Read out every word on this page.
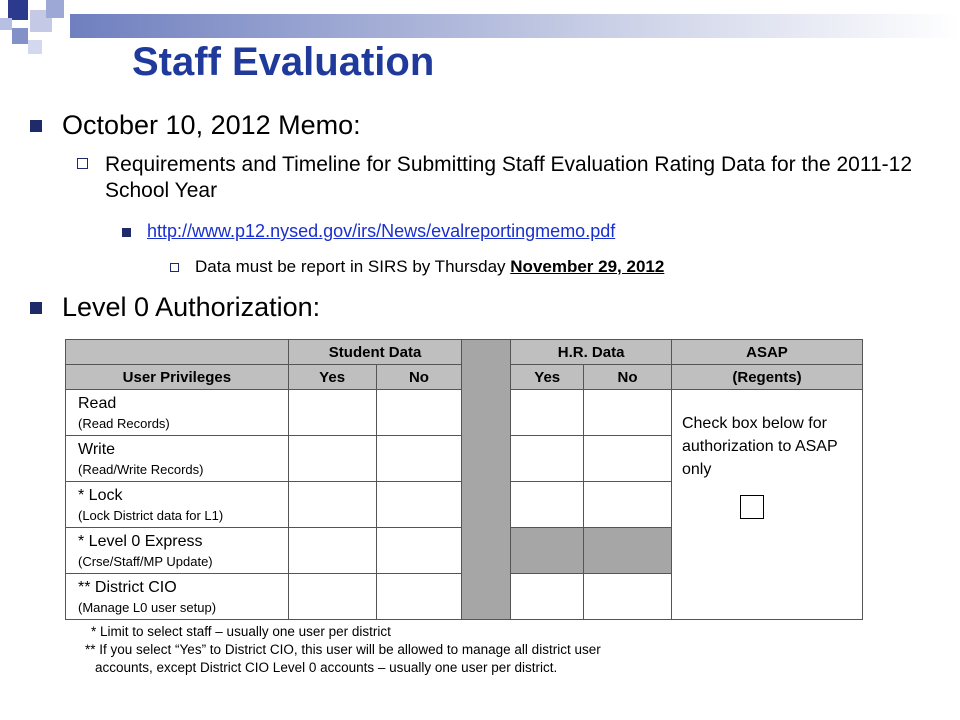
Staff Evaluation
October 10, 2012 Memo:
Requirements and Timeline for Submitting Staff Evaluation Rating Data for the 2011-12 School Year
http://www.p12.nysed.gov/irs/News/evalreportingmemo.pdf
Data must be report in SIRS by Thursday November 29, 2012
Level 0 Authorization:
	Student Data			H.R. Data		ASAP
User Privileges	Yes	No		Yes	No	(Regents)

Read
(Read Records)						Check box below for authorization to ASAP only

Write
(Read/Write Records)						

* Lock
(Lock District data for L1)						

* Level 0 Express
(Crse/Staff/MP Update)						

** District CIO
(Manage L0 user setup)						

* Limit to select staff – usually one user per district
** If you select “Yes” to District CIO, this user will be allowed to manage all district user
accounts, except District CIO Level 0 accounts – usually one user per district.
